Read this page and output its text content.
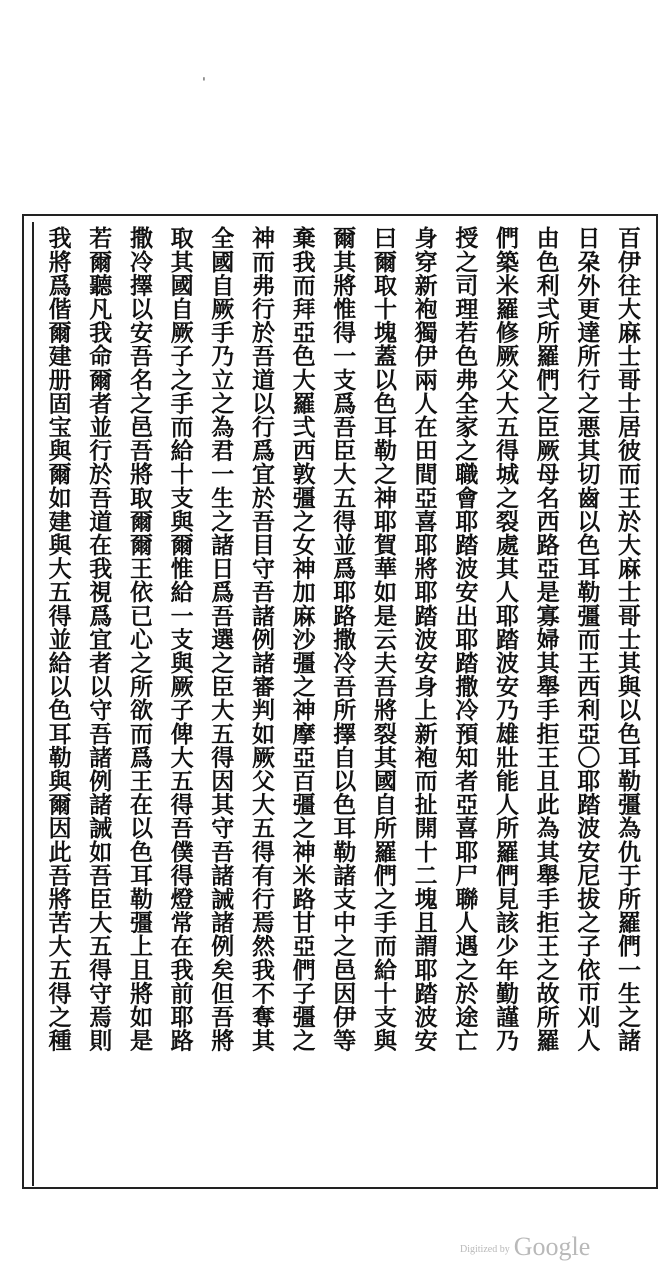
ˈ
百伊往大麻士哥士居彼而王於大麻士哥士其與以色耳勒彊為仇于所羅們一生之諸
日朶外更達所行之悪其切齒以色耳勒彊而王西利亞〇耶踏波安尼拔之子依帀刈人
由色利弍所羅們之臣厥母名西路亞是寡婦其舉手拒王且此為其舉手拒王之故所羅
們築米羅修厥父大五得城之裂處其人耶踏波安乃雄壯能人所羅們見該少年勤謹乃
授之司理若色弗全家之職會耶踏波安出耶踏撒冷預知者亞喜耶尸聯人遇之於途亡
身穿新袍獨伊兩人在田間亞喜耶將耶踏波安身上新袍而扯開十二塊且謂耶踏波安
曰爾取十塊蓋以色耳勒之神耶賀華如是云夫吾將裂其國自所羅們之手而給十支與
爾其將惟得一支爲吾臣大五得並爲耶路撒冷吾所擇自以色耳勒諸支中之邑因伊等
棄我而拜亞色大羅弍西敦彊之女神加麻沙彊之神摩亞百彊之神米路甘亞們子彊之
神而弗行於吾道以行爲宜於吾目守吾諸例諸審判如厥父大五得有行焉然我不奪其
全國自厥手乃立之為君一生之諸日爲吾選之臣大五得因其守吾諸誡諸例矣但吾將
取其國自厥子之手而給十支與爾惟給一支與厥子俾大五得吾僕得燈常在我前耶路
撒冷擇以安吾名之邑吾將取爾爾王依已心之所欲而爲王在以色耳勒彊上且將如是
若爾聽凡我命爾者並行於吾道在我視爲宜者以守吾諸例諸誡如吾臣大五得守焉則
我將爲偕爾建册固宝與爾如建與大五得並給以色耳勒與爾因此吾將苦大五得之種
Digitized by Google
